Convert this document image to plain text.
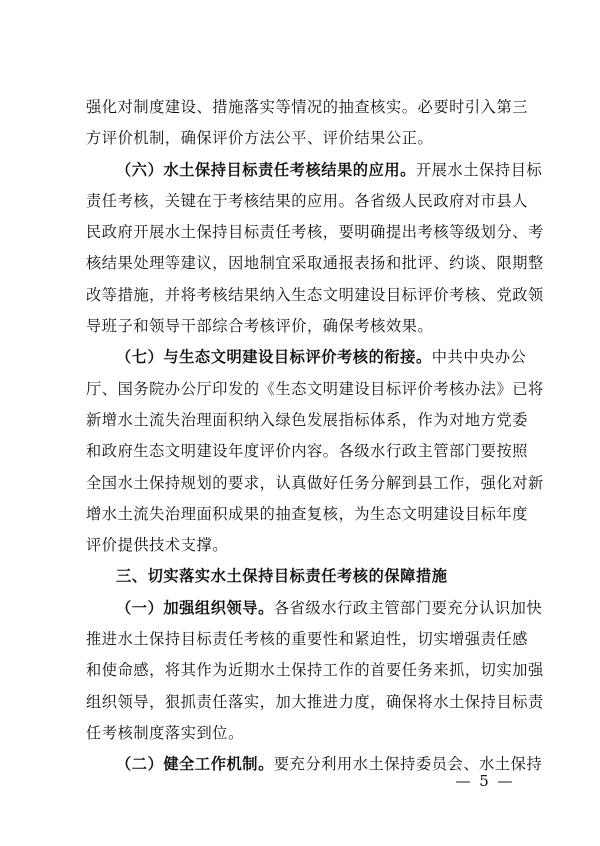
强化对制度建设、措施落实等情况的抽查核实。必要时引入第三
方评价机制，确保评价方法公平、评价结果公正。
（六）水土保持目标责任考核结果的应用。开展水土保持目标
责任考核，关键在于考核结果的应用。各省级人民政府对市县人
民政府开展水土保持目标责任考核，要明确提出考核等级划分、考
核结果处理等建议，因地制宜采取通报表扬和批评、约谈、限期整
改等措施，并将考核结果纳入生态文明建设目标评价考核、党政领
导班子和领导干部综合考核评价，确保考核效果。
（七）与生态文明建设目标评价考核的衔接。中共中央办公
厅、国务院办公厅印发的《生态文明建设目标评价考核办法》已将
新增水土流失治理面积纳入绿色发展指标体系，作为对地方党委
和政府生态文明建设年度评价内容。各级水行政主管部门要按照
全国水土保持规划的要求，认真做好任务分解到县工作，强化对新
增水土流失治理面积成果的抽查复核，为生态文明建设目标年度
评价提供技术支撑。
三、切实落实水土保持目标责任考核的保障措施
（一）加强组织领导。各省级水行政主管部门要充分认识加快
推进水土保持目标责任考核的重要性和紧迫性，切实增强责任感
和使命感，将其作为近期水土保持工作的首要任务来抓，切实加强
组织领导，狠抓责任落实，加大推进力度，确保将水土保持目标责
任考核制度落实到位。
（二）健全工作机制。要充分利用水土保持委员会、水土保持
— 5 —
